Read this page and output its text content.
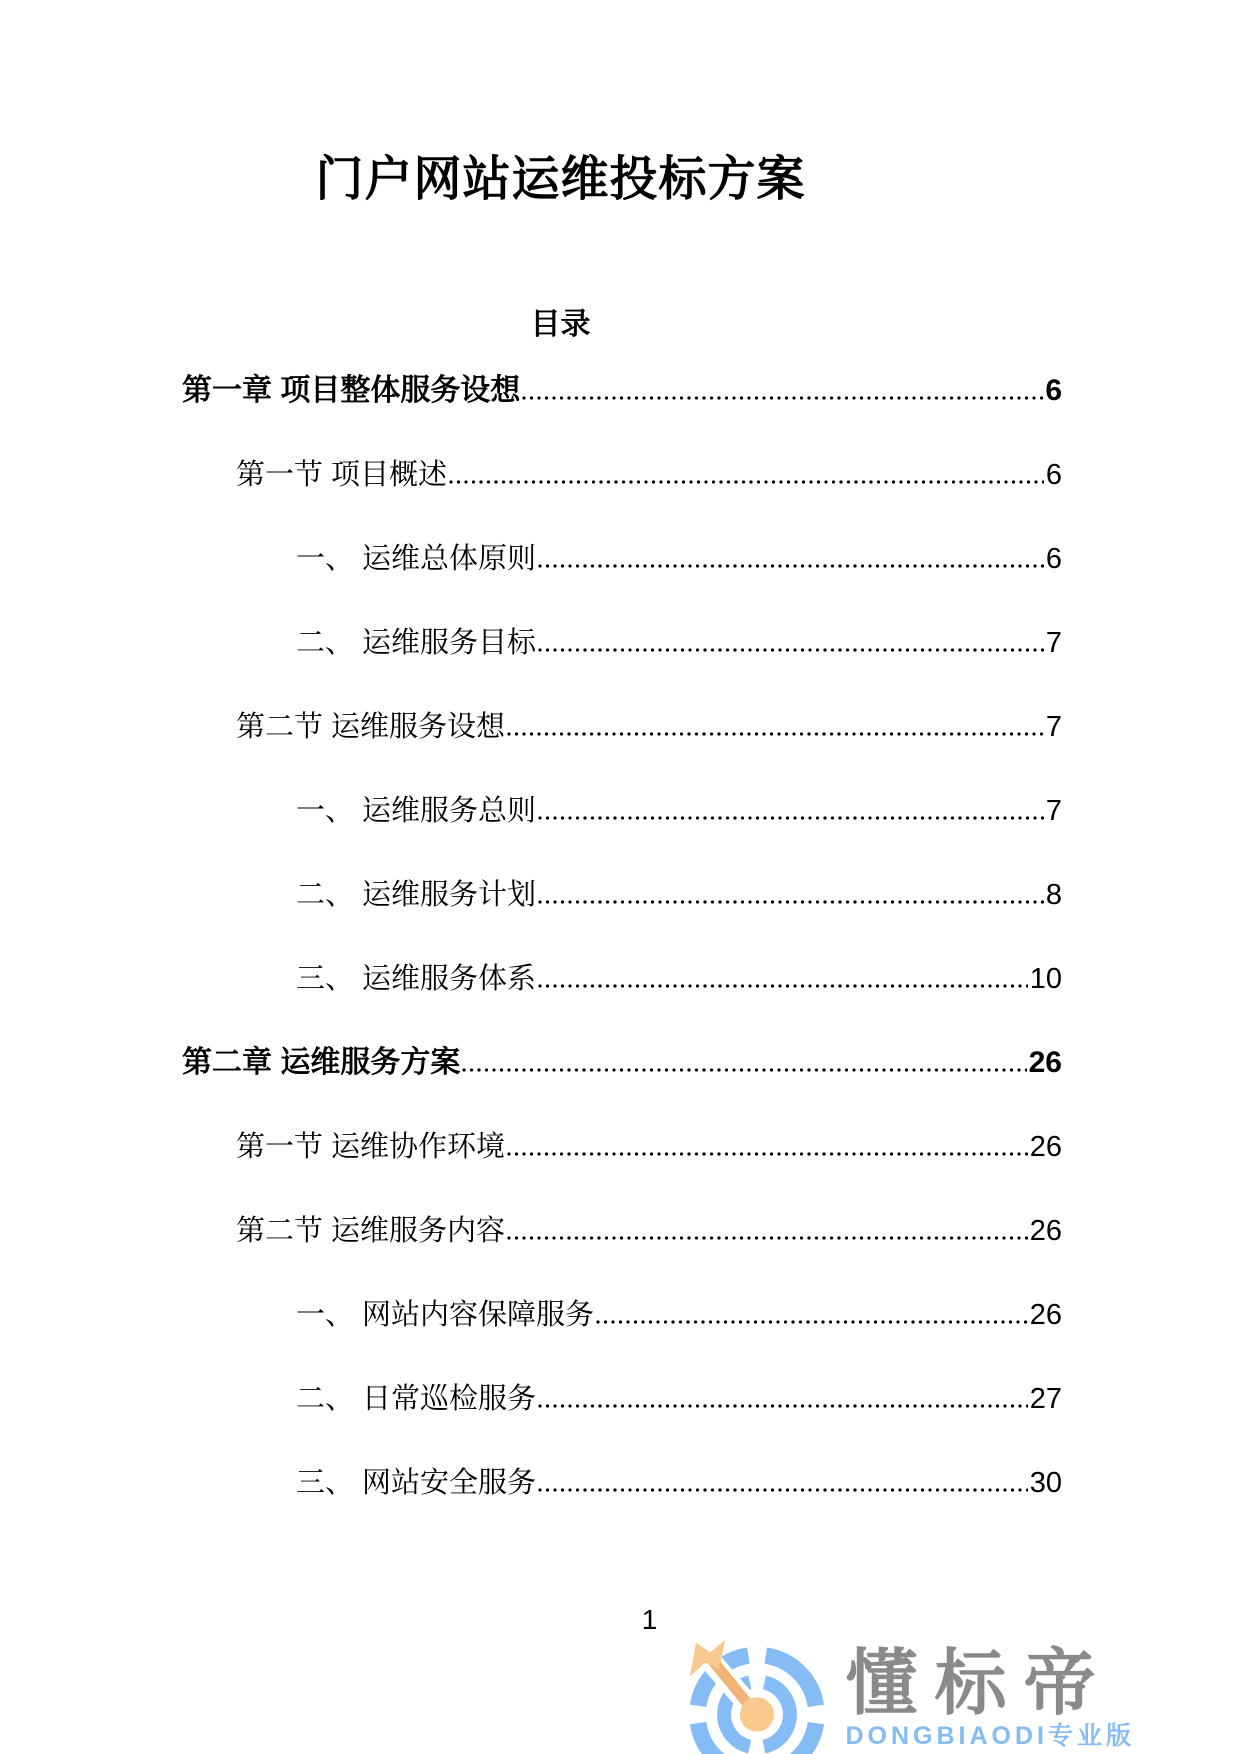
门户网站运维投标方案
目录
第一章 项目整体服务设想	6
第一节 项目概述	6
一、 运维总体原则	6
二、 运维服务目标	7
第二节 运维服务设想	7
一、 运维服务总则	7
二、 运维服务计划	8
三、 运维服务体系	10
第二章 运维服务方案	26
第一节 运维协作环境	26
第二节 运维服务内容	26
一、 网站内容保障服务	26
二、 日常巡检服务	27
三、 网站安全服务	30
1
懂标帝
DONGBIAODI专业版
